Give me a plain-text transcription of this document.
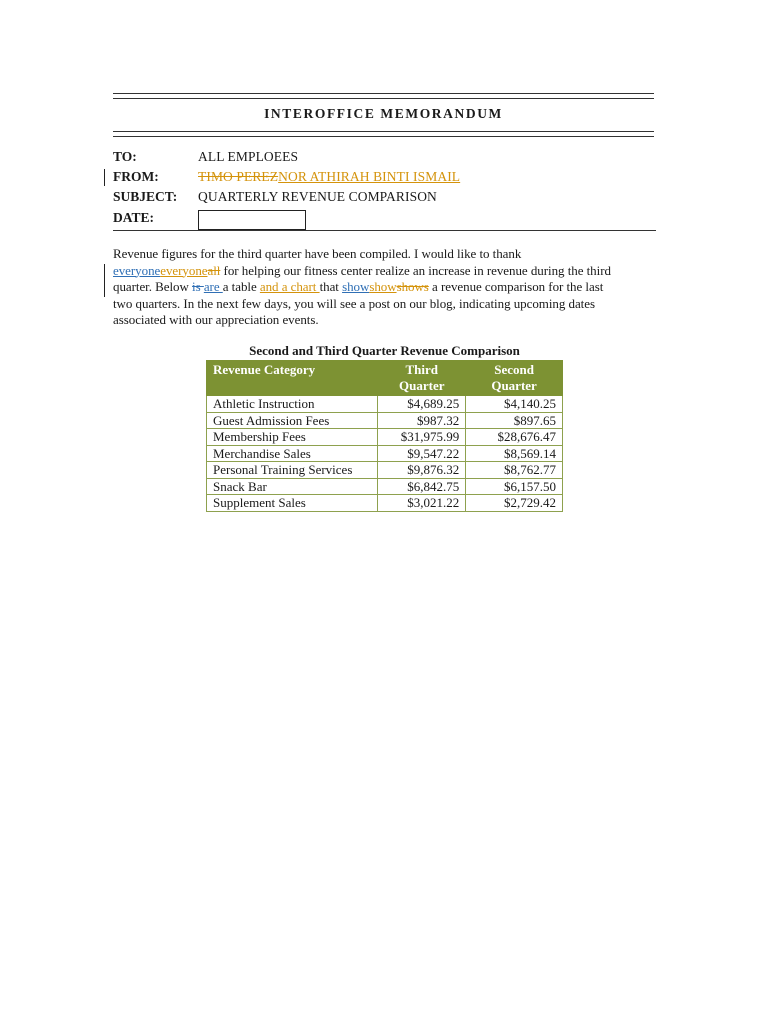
INTEROFFICE MEMORANDUM
TO:	ALL EMPLOEES
FROM:	TIMO PEREZNOR ATHIRAH BINTI ISMAIL
SUBJECT: QUARTERLY REVENUE COMPARISON
DATE:
Revenue figures for the third quarter have been compiled. I would like to thank
everyoneeveryoneall for helping our fitness center realize an increase in revenue during the third
quarter. Below is are a table and a chart that showshowshows a revenue comparison for the last
two quarters. In the next few days, you will see a post on our blog, indicating upcoming dates
associated with our appreciation events.
Second and Third Quarter Revenue Comparison
Revenue Category	Third Quarter	Second Quarter
Athletic Instruction	$4,689.25	$4,140.25
Guest Admission Fees	$987.32	$897.65
Membership Fees	$31,975.99	$28,676.47
Merchandise Sales	$9,547.22	$8,569.14
Personal Training Services	$9,876.32	$8,762.77
Snack Bar	$6,842.75	$6,157.50
Supplement Sales	$3,021.22	$2,729.42
